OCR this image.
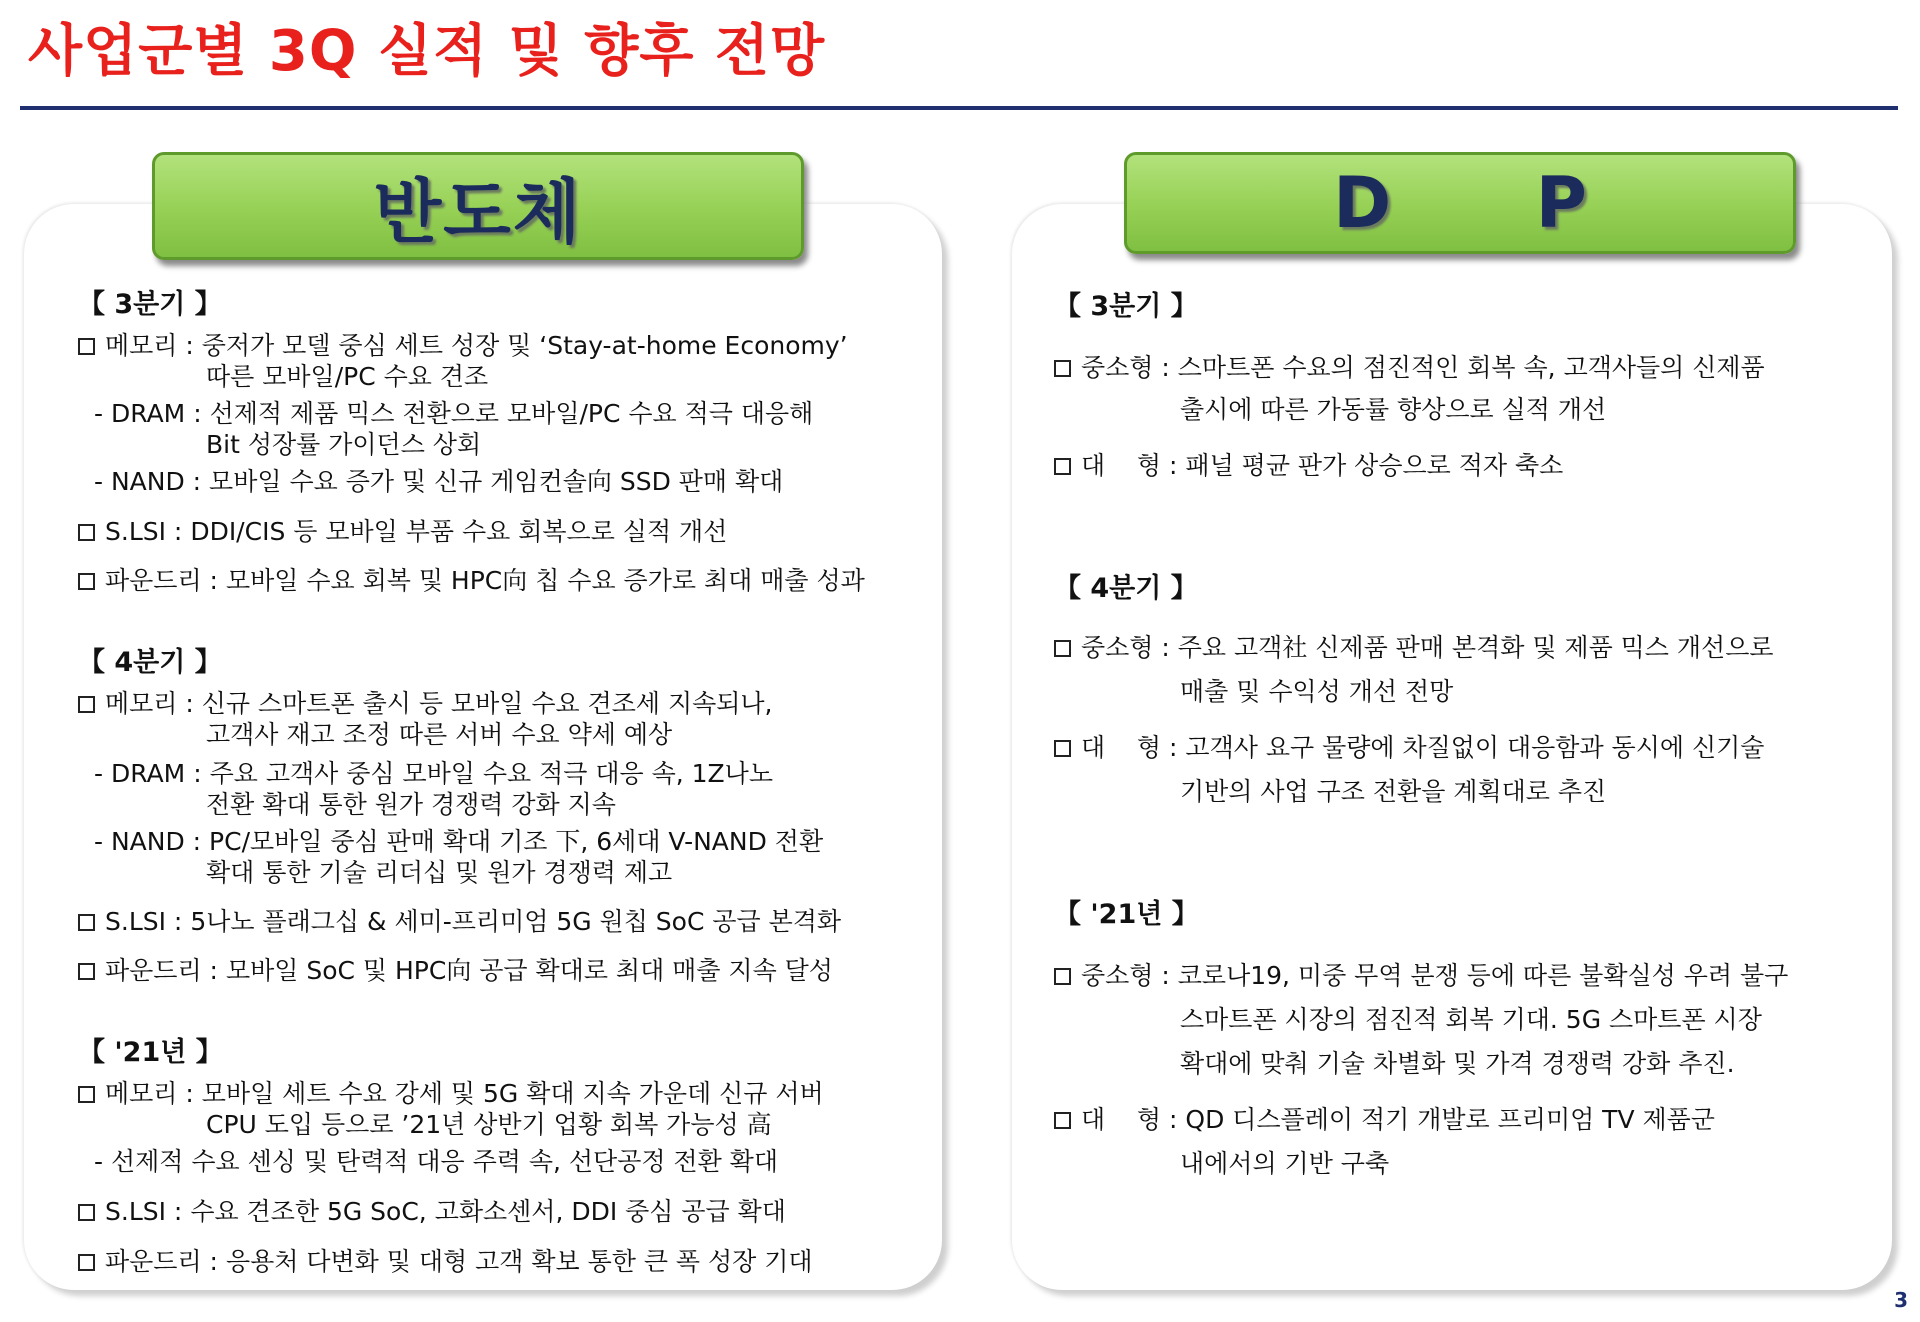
사업군별 3Q 실적 및 향후 전망
반도체	D P
【 3분기 】
메모리 : 중저가 모델 중심 세트 성장 및 ‘Stay-at-home Economy’
따른 모바일/PC 수요 견조
- DRAM : 선제적 제품 믹스 전환으로 모바일/PC 수요 적극 대응해
Bit 성장률 가이던스 상회
- NAND : 모바일 수요 증가 및 신규 게임컨솔向 SSD 판매 확대
S.LSI : DDI/CIS 등 모바일 부품 수요 회복으로 실적 개선
파운드리 : 모바일 수요 회복 및 HPC向 칩 수요 증가로 최대 매출 성과
【 4분기 】
메모리 : 신규 스마트폰 출시 등 모바일 수요 견조세 지속되나,
고객사 재고 조정 따른 서버 수요 약세 예상
- DRAM : 주요 고객사 중심 모바일 수요 적극 대응 속, 1Z나노
전환 확대 통한 원가 경쟁력 강화 지속
- NAND : PC/모바일 중심 판매 확대 기조 下, 6세대 V-NAND 전환
확대 통한 기술 리더십 및 원가 경쟁력 제고
S.LSI : 5나노 플래그십 & 세미-프리미엄 5G 원칩 SoC 공급 본격화
파운드리 : 모바일 SoC 및 HPC向 공급 확대로 최대 매출 지속 달성
【 '21년 】
메모리 : 모바일 세트 수요 강세 및 5G 확대 지속 가운데 신규 서버
CPU 도입 등으로 ’21년 상반기 업황 회복 가능성 高
- 선제적 수요 센싱 및 탄력적 대응 주력 속, 선단공정 전환 확대
S.LSI : 수요 견조한 5G SoC, 고화소센서, DDI 중심 공급 확대
파운드리 : 응용처 다변화 및 대형 고객 확보 통한 큰 폭 성장 기대
【 3분기 】
중소형 : 스마트폰 수요의 점진적인 회복 속, 고객사들의 신제품
출시에 따른 가동률 향상으로 실적 개선
대    형 : 패널 평균 판가 상승으로 적자 축소
【 4분기 】
중소형 : 주요 고객社 신제품 판매 본격화 및 제품 믹스 개선으로
매출 및 수익성 개선 전망
대    형 : 고객사 요구 물량에 차질없이 대응함과 동시에 신기술
기반의 사업 구조 전환을 계획대로 추진
【 '21년 】
중소형 : 코로나19, 미중 무역 분쟁 등에 따른 불확실성 우려 불구
스마트폰 시장의 점진적 회복 기대. 5G 스마트폰 시장
확대에 맞춰 기술 차별화 및 가격 경쟁력 강화 추진.
대    형 : QD 디스플레이 적기 개발로 프리미엄 TV 제품군
내에서의 기반 구축
3
